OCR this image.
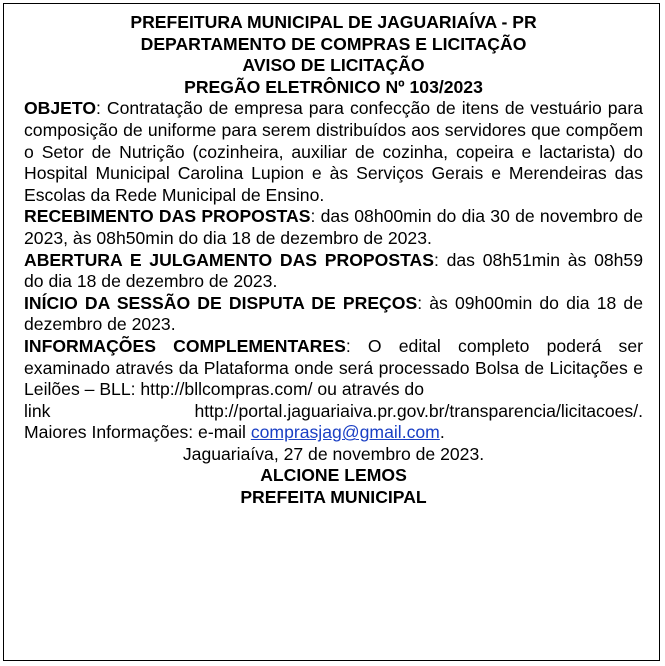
PREFEITURA MUNICIPAL DE JAGUARIAÍVA - PR
DEPARTAMENTO DE COMPRAS E LICITAÇÃO
AVISO DE LICITAÇÃO
PREGÃO ELETRÔNICO Nº 103/2023
OBJETO: Contratação de empresa para confecção de itens de vestuário para composição de uniforme para serem distribuídos aos servidores que compõem o Setor de Nutrição (cozinheira, auxiliar de cozinha, copeira e lactarista) do Hospital Municipal Carolina Lupion e às Serviços Gerais e Merendeiras das Escolas da Rede Municipal de Ensino.
RECEBIMENTO DAS PROPOSTAS: das 08h00min do dia 30 de novembro de 2023, às 08h50min do dia 18 de dezembro de 2023.
ABERTURA E JULGAMENTO DAS PROPOSTAS: das 08h51min às 08h59 do dia 18 de dezembro de 2023.
INÍCIO DA SESSÃO DE DISPUTA DE PREÇOS: às 09h00min do dia 18 de dezembro de 2023.
INFORMAÇÕES COMPLEMENTARES: O edital completo poderá ser examinado através da Plataforma onde será processado Bolsa de Licitações e Leilões – BLL: http://bllcompras.com/ ou através do
link	http://portal.jaguariaiva.pr.gov.br/transparencia/licitacoes/.
Maiores Informações: e-mail comprasjag@gmail.com.
Jaguariaíva, 27 de novembro de 2023.
ALCIONE LEMOS
PREFEITA MUNICIPAL
